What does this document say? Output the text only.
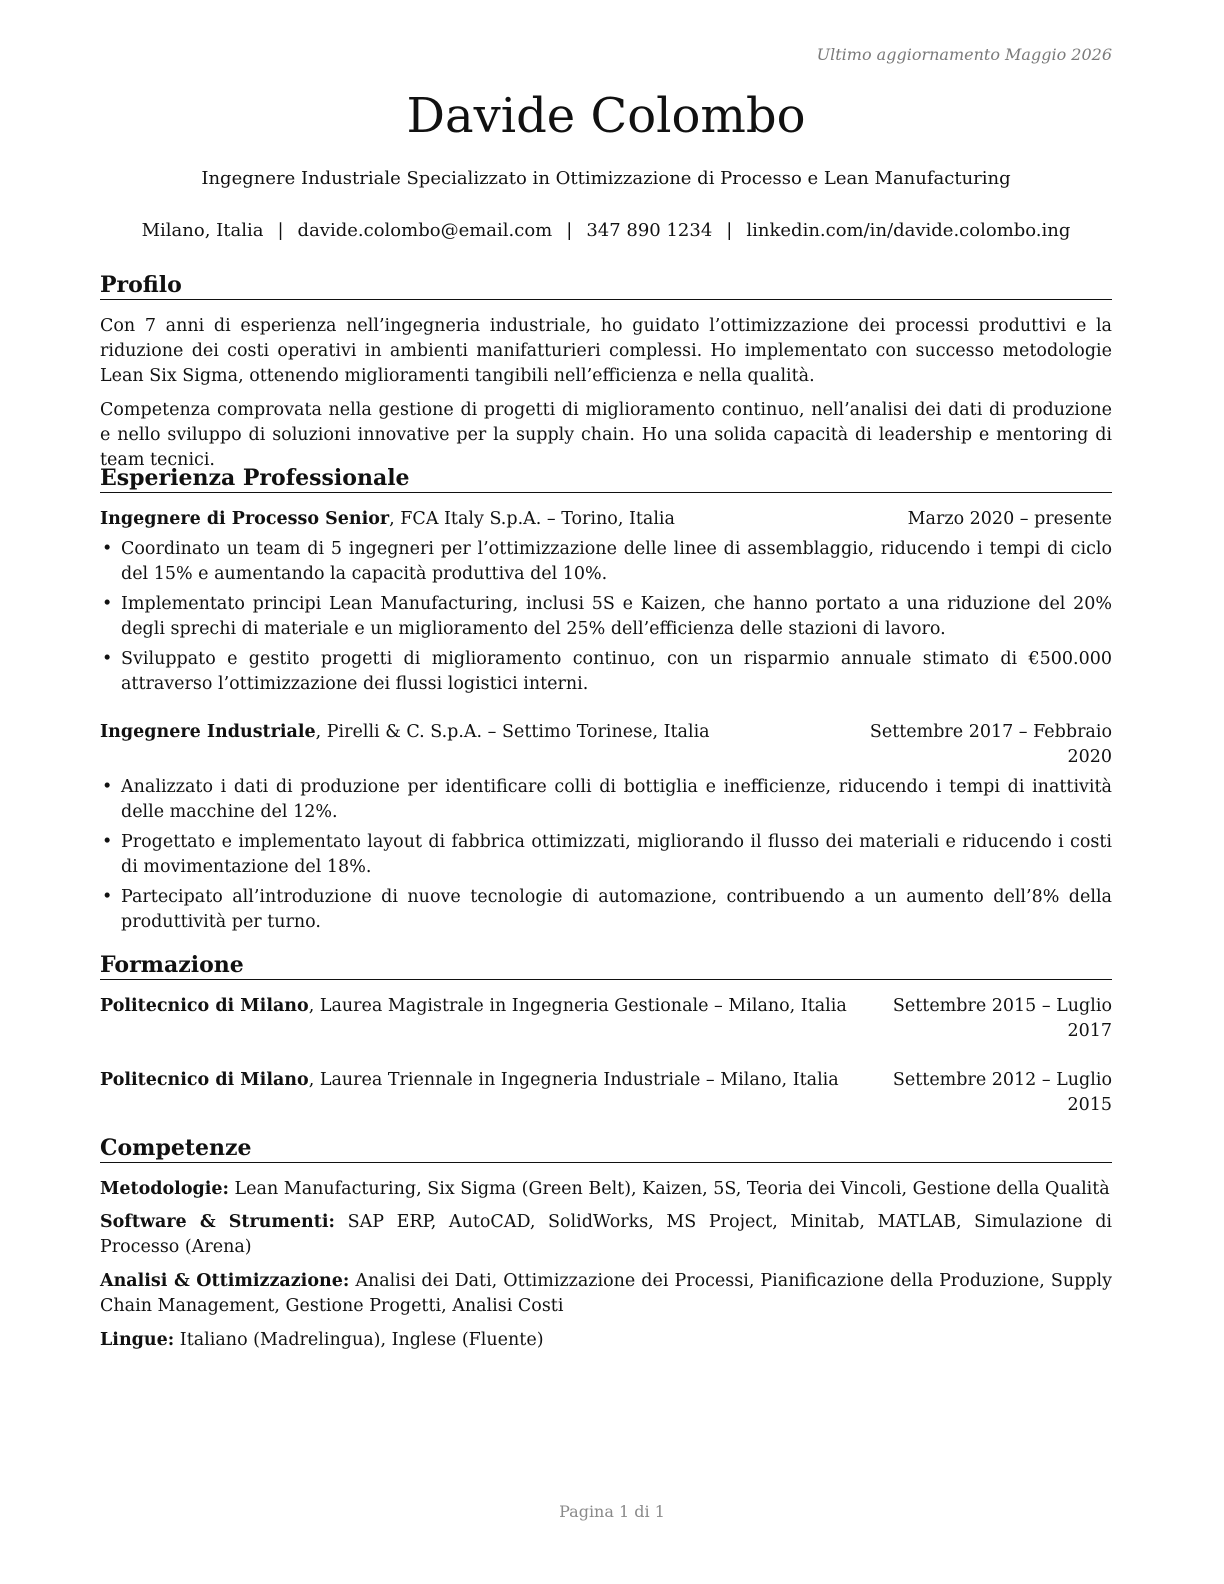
Ultimo aggiornamento Maggio 2026
Davide Colombo
Ingegnere Industriale Specializzato in Ottimizzazione di Processo e Lean Manufacturing
Milano, Italia | davide.colombo@email.com | 347 890 1234 | linkedin.com/in/davide.colombo.ing
Profilo
Con 7 anni di esperienza nell’ingegneria industriale, ho guidato l’ottimizzazione dei processi produttivi e la riduzione dei costi operativi in ambienti manifatturieri complessi. Ho implementato con successo metodologie Lean Six Sigma, ottenendo miglioramenti tangibili nell’efficienza e nella qualità.
Competenza comprovata nella gestione di progetti di miglioramento continuo, nell’analisi dei dati di produzione e nello sviluppo di soluzioni innovative per la supply chain. Ho una solida capacità di leadership e mentoring di team tecnici.
Esperienza Professionale
Ingegnere di Processo Senior, FCA Italy S.p.A. – Torino, Italia	Marzo 2020 – presente
• Coordinato un team di 5 ingegneri per l’ottimizzazione delle linee di assemblaggio, riducendo i tempi di ciclo del 15% e aumentando la capacità produttiva del 10%.
• Implementato principi Lean Manufacturing, inclusi 5S e Kaizen, che hanno portato a una riduzione del 20% degli sprechi di materiale e un miglioramento del 25% dell’efficienza delle stazioni di lavoro.
• Sviluppato e gestito progetti di miglioramento continuo, con un risparmio annuale stimato di €500.000 attraverso l’ottimizzazione dei flussi logistici interni.
Ingegnere Industriale, Pirelli & C. S.p.A. – Settimo Torinese, Italia	Settembre 2017 – Febbraio 2020
• Analizzato i dati di produzione per identificare colli di bottiglia e inefficienze, riducendo i tempi di inattività delle macchine del 12%.
• Progettato e implementato layout di fabbrica ottimizzati, migliorando il flusso dei materiali e riducendo i costi di movimentazione del 18%.
• Partecipato all’introduzione di nuove tecnologie di automazione, contribuendo a un aumento dell’8% della produttività per turno.
Formazione
Politecnico di Milano, Laurea Magistrale in Ingegneria Gestionale – Milano, Italia	Settembre 2015 – Luglio 2017
Politecnico di Milano, Laurea Triennale in Ingegneria Industriale – Milano, Italia	Settembre 2012 – Luglio 2015
Competenze
Metodologie: Lean Manufacturing, Six Sigma (Green Belt), Kaizen, 5S, Teoria dei Vincoli, Gestione della Qualità
Software & Strumenti: SAP ERP, AutoCAD, SolidWorks, MS Project, Minitab, MATLAB, Simulazione di Processo (Arena)
Analisi & Ottimizzazione: Analisi dei Dati, Ottimizzazione dei Processi, Pianificazione della Produzione, Supply Chain Management, Gestione Progetti, Analisi Costi
Lingue: Italiano (Madrelingua), Inglese (Fluente)
Pagina 1 di 1
